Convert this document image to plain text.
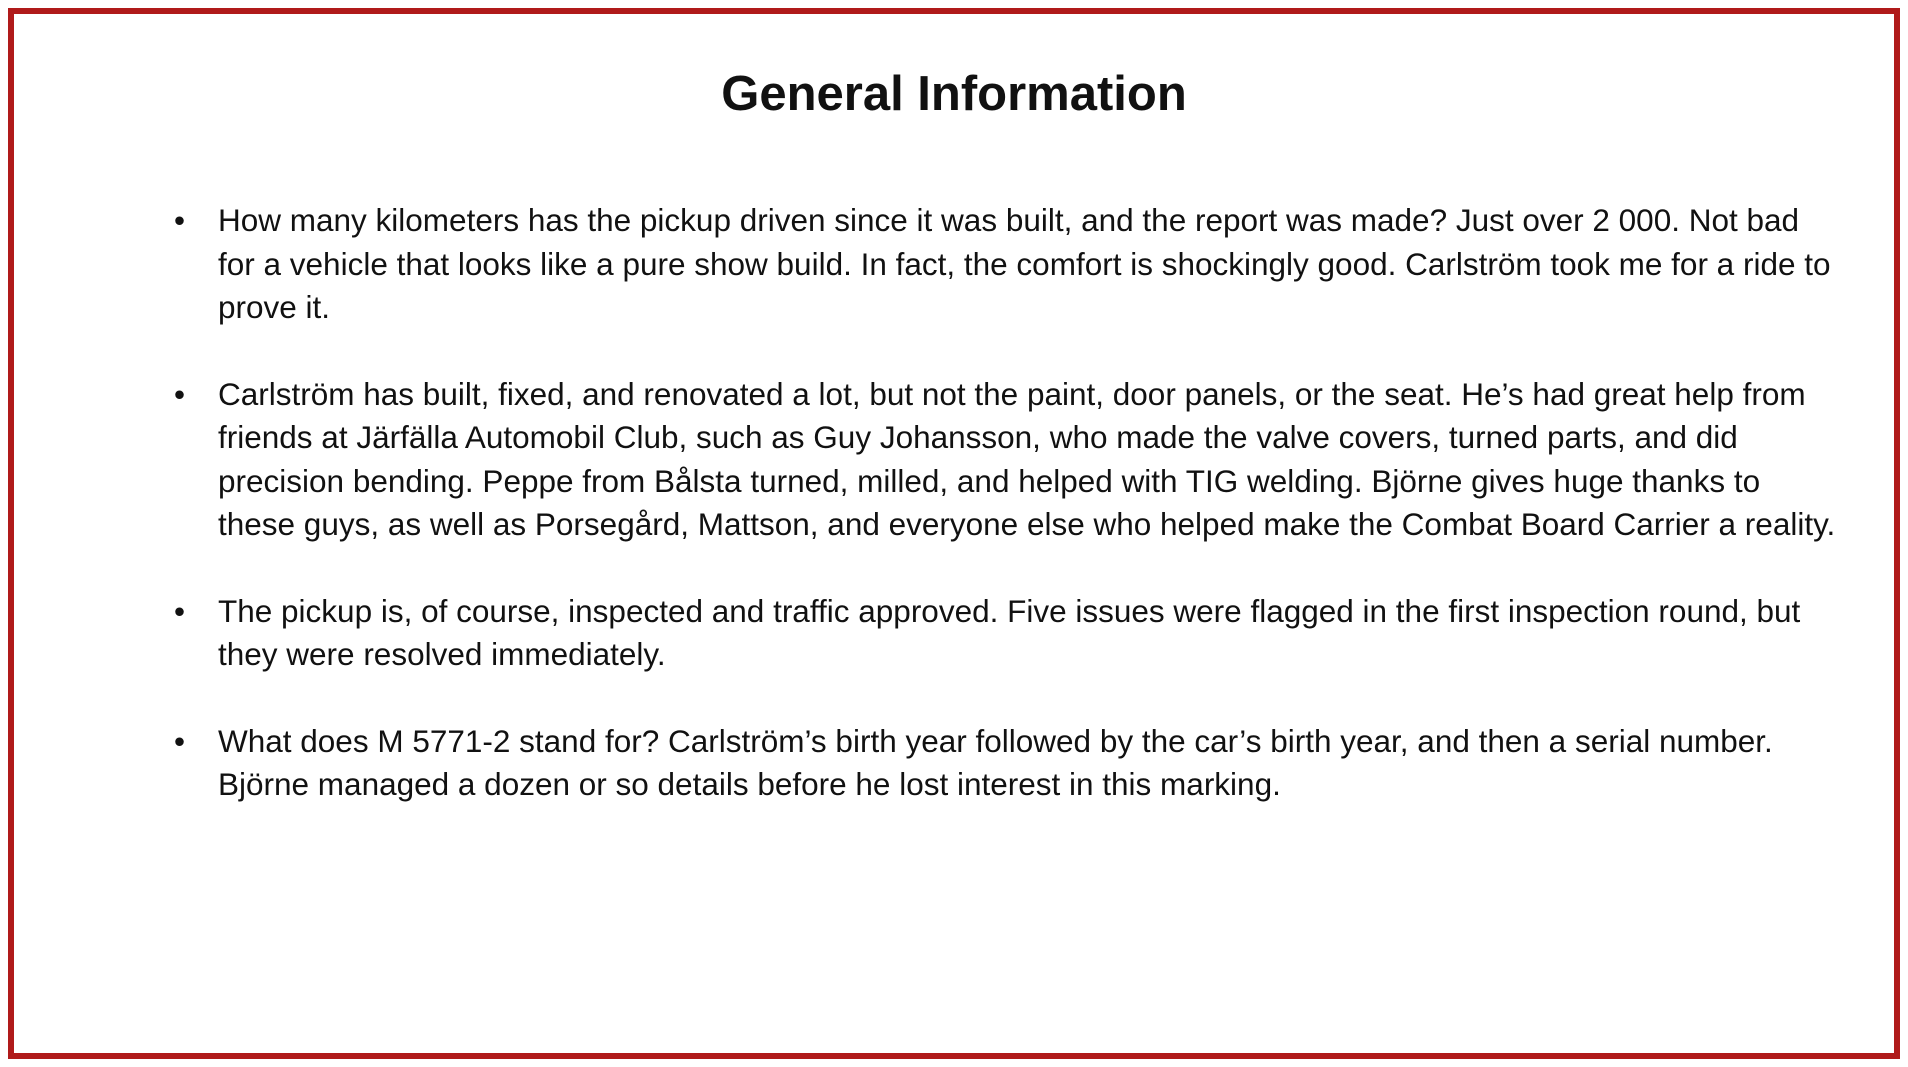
General Information
• How many kilometers has the pickup driven since it was built, and the report was made? Just over 2 000. Not bad for a vehicle that looks like a pure show build. In fact, the comfort is shockingly good. Carlström took me for a ride to prove it.
• Carlström has built, fixed, and renovated a lot, but not the paint, door panels, or the seat. He’s had great help from friends at Järfälla Automobil Club, such as Guy Johansson, who made the valve covers, turned parts, and did precision bending. Peppe from Bålsta turned, milled, and helped with TIG welding. Björne gives huge thanks to these guys, as well as Porsegård, Mattson, and everyone else who helped make the Combat Board Carrier a reality.
• The pickup is, of course, inspected and traffic approved. Five issues were flagged in the first inspection round, but they were resolved immediately.
• What does M 5771-2 stand for? Carlström’s birth year followed by the car’s birth year, and then a serial number. Björne managed a dozen or so details before he lost interest in this marking.
